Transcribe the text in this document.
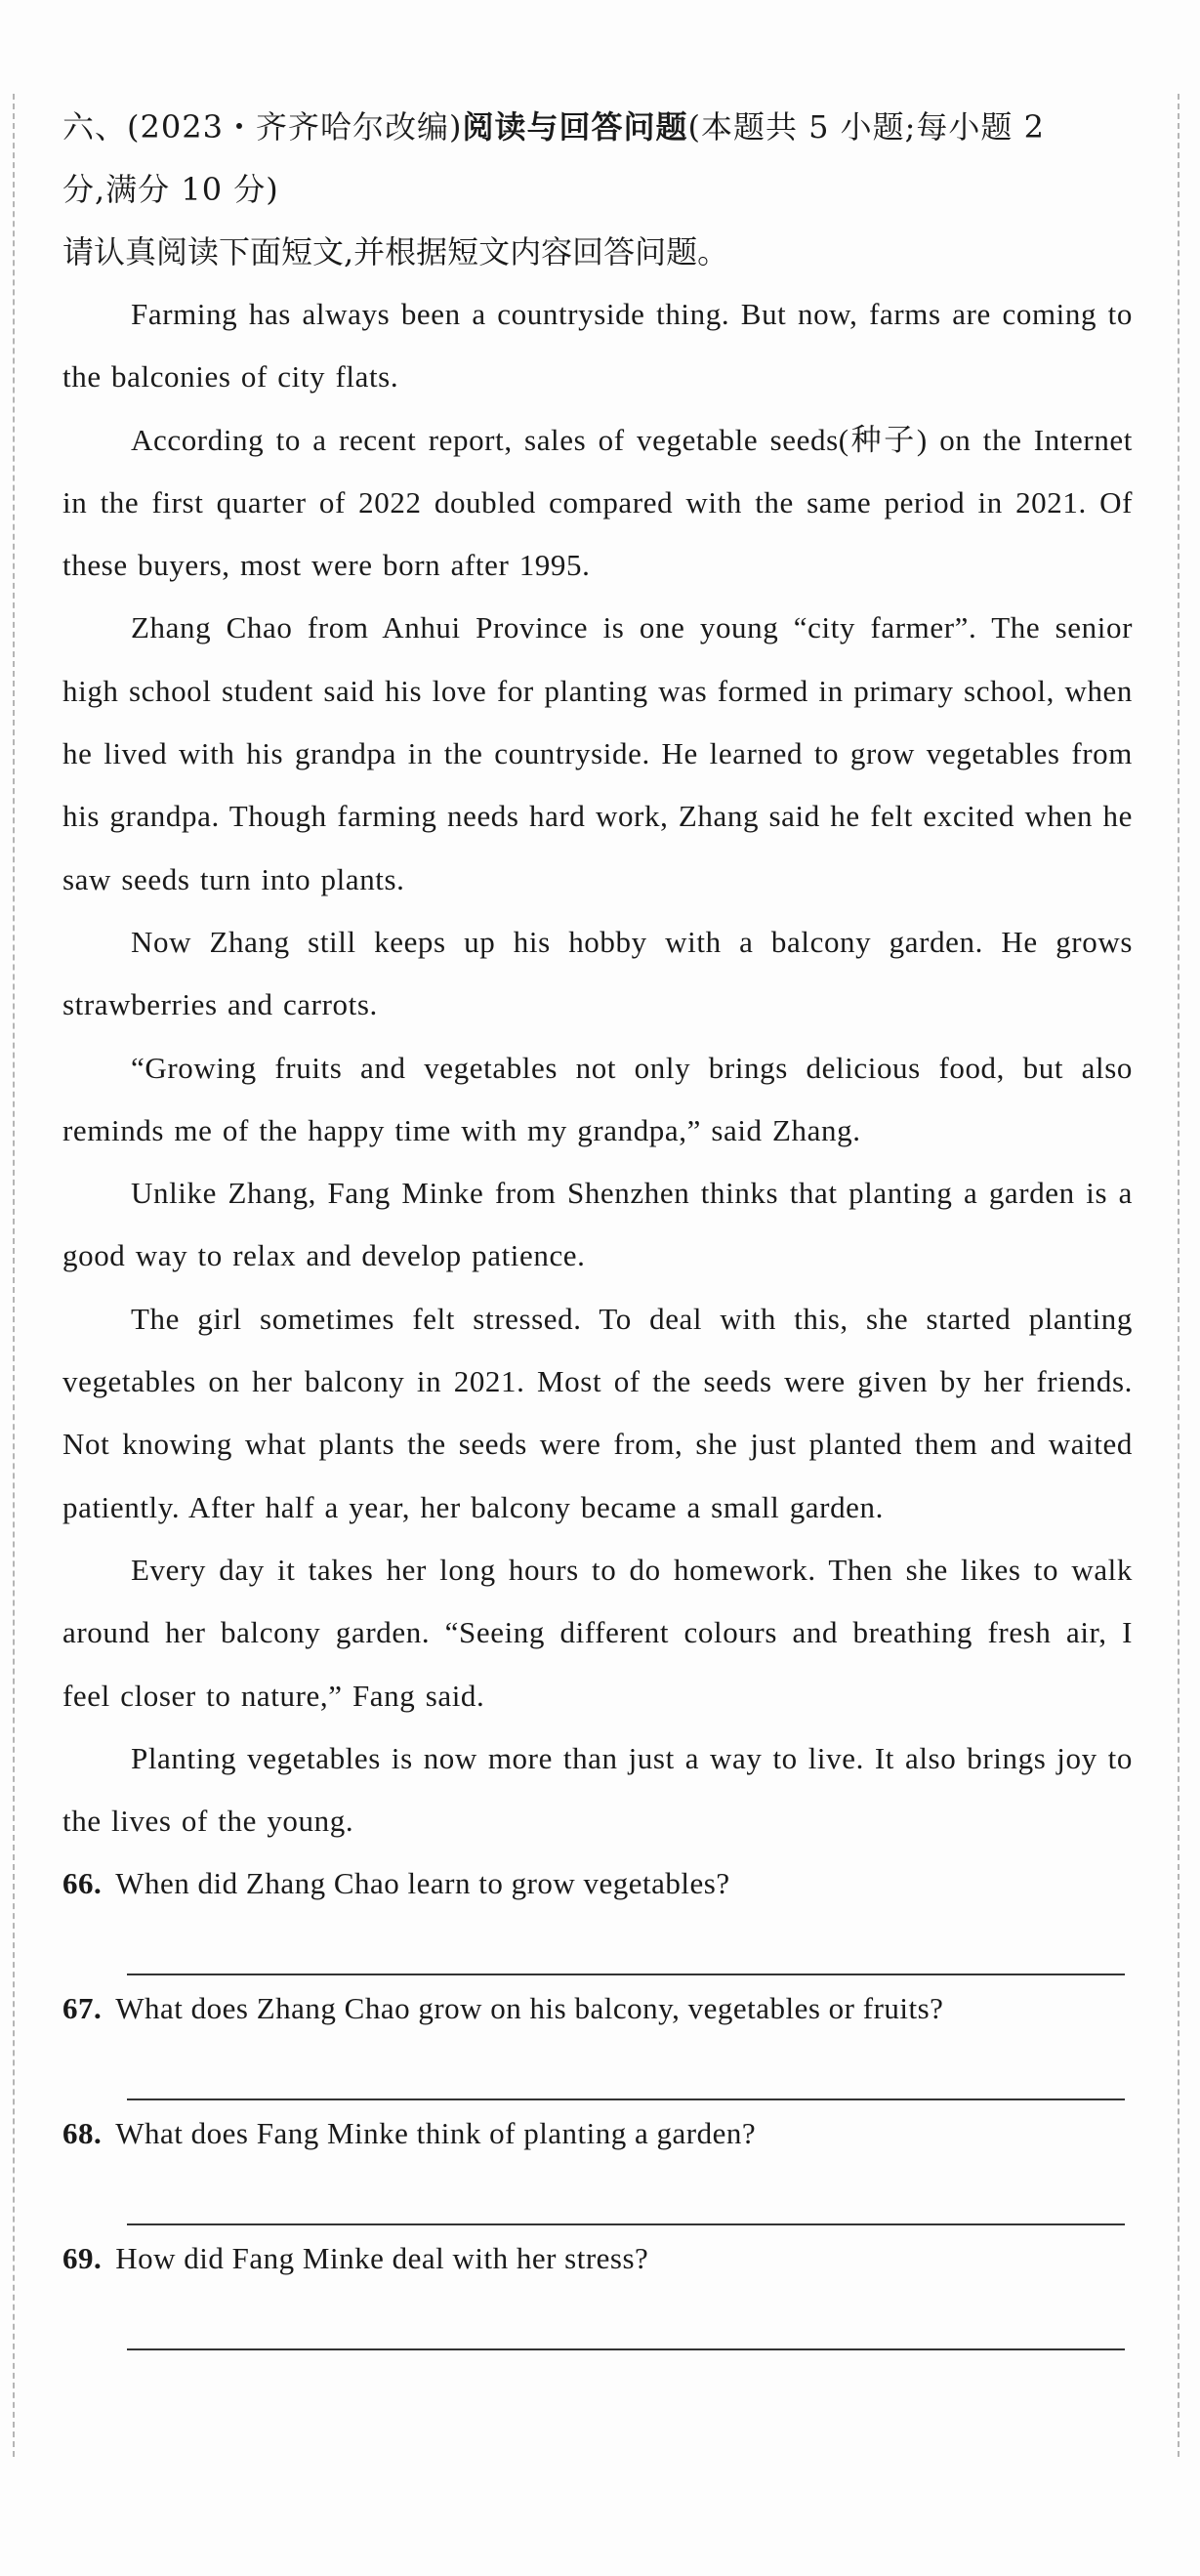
六、(2023・齐齐哈尔改编)阅读与回答问题(本题共 5 小题;每小题 2
分,满分 10 分)

请认真阅读下面短文,并根据短文内容回答问题。

Farming has always been a countryside thing. But now, farms are coming to the balconies of city flats.

According to a recent report, sales of vegetable seeds(种子) on the Internet in the first quarter of 2022 doubled compared with the same period in 2021. Of these buyers, most were born after 1995.

Zhang Chao from Anhui Province is one young “city farmer”. The senior high school student said his love for planting was formed in primary school, when he lived with his grandpa in the countryside. He learned to grow vegetables from his grandpa. Though farming needs hard work, Zhang said he felt excited when he saw seeds turn into plants.

Now Zhang still keeps up his hobby with a balcony garden. He grows strawberries and carrots.

“Growing fruits and vegetables not only brings delicious food, but also reminds me of the happy time with my grandpa,” said Zhang.

Unlike Zhang, Fang Minke from Shenzhen thinks that planting a garden is a good way to relax and develop patience.

The girl sometimes felt stressed. To deal with this, she started planting vegetables on her balcony in 2021. Most of the seeds were given by her friends. Not knowing what plants the seeds were from, she just planted them and waited patiently. After half a year, her balcony became a small garden.

Every day it takes her long hours to do homework. Then she likes to walk around her balcony garden. “Seeing different colours and breathing fresh air, I feel closer to nature,” Fang said.

Planting vegetables is now more than just a way to live. It also brings joy to the lives of the young.

66. When did Zhang Chao learn to grow vegetables?

67. What does Zhang Chao grow on his balcony, vegetables or fruits?

68. What does Fang Minke think of planting a garden?

69. How did Fang Minke deal with her stress?
